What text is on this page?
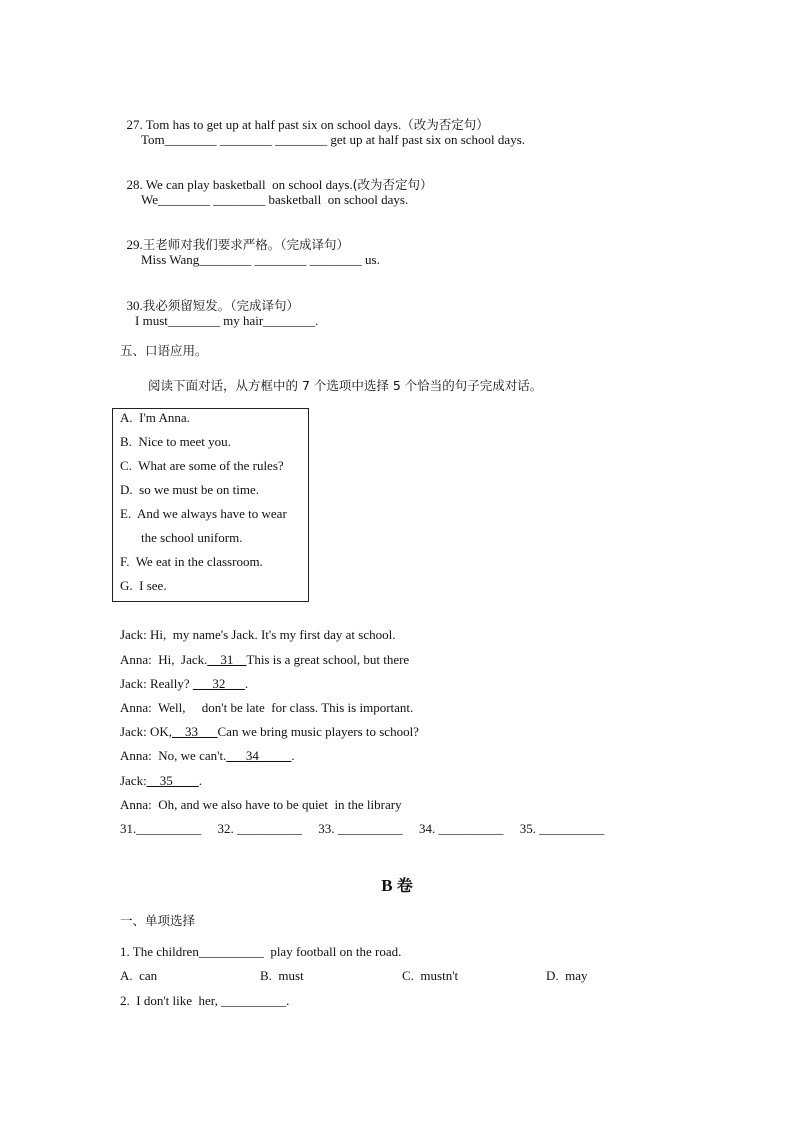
27. Tom has to get up at half past six on school days.（改为否定句）

Tom________ ________ ________ get up at half past six on school days.

28. We can play basketball  on school days.(改为否定句）

We________ ________ basketball  on school days.

29.王老师对我们要求严格。（完成译句）

Miss Wang________ ________ ________ us.

30.我必须留短发。（完成译句）

I must________ my hair________.
五、口语应用。
阅读下面对话，从方框中的 7 个选项中选择 5 个恰当的句子完成对话。
A.  I'm Anna.
B.  Nice to meet you.
C.  What are some of the rules?
D.  so we must be on time.
E.  And we always have to wear
the school uniform.
F.  We eat in the classroom.
G.  I see.
Jack: Hi,  my name's Jack. It's my first day at school.
Anna:  Hi,  Jack.__31__This is a great school, but there
Jack: Really? ___32___.
Anna:  Well,     don't be late  for class. This is important.
Jack: OK,__33___Can we bring music players to school?
Anna:  No, we can't.___34_____.
Jack:__35____.
Anna:  Oh, and we also have to be quiet  in the library
31.__________     32. __________     33. __________     34. __________     35. __________
B 卷
一、单项选择
1. The children__________  play football on the road.
A.  can	B.  must	C.  mustn't	D.  may
2.  I don't like  her, __________.
